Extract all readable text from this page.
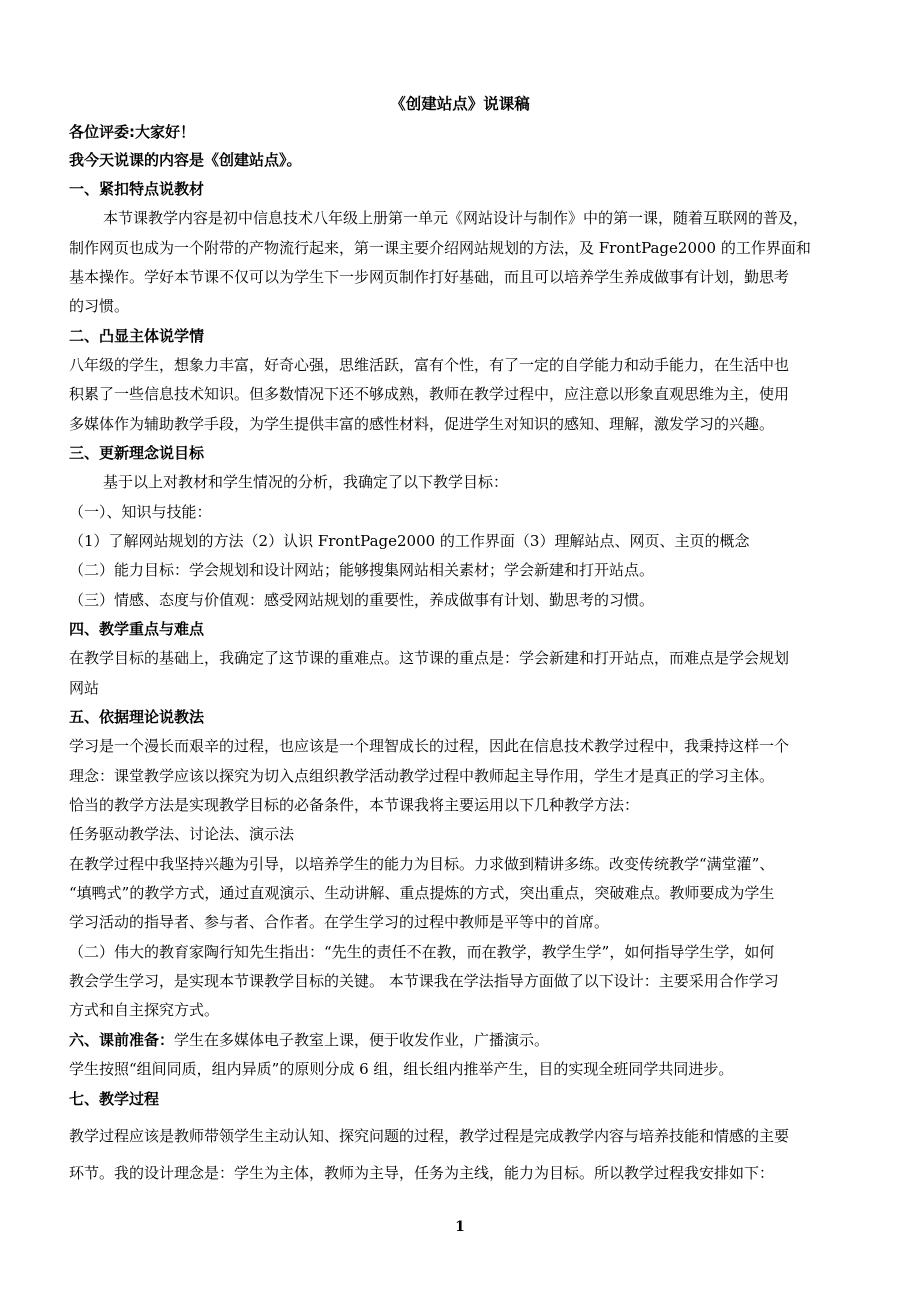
《创建站点》说课稿
各位评委:大家好！
我今天说课的内容是《创建站点》。
一、紧扣特点说教材
本节课教学内容是初中信息技术八年级上册第一单元《网站设计与制作》中的第一课，随着互联网的普及，
制作网页也成为一个附带的产物流行起来，第一课主要介绍网站规划的方法，及 FrontPage2000 的工作界面和
基本操作。学好本节课不仅可以为学生下一步网页制作打好基础，而且可以培养学生养成做事有计划，勤思考
的习惯。
二、凸显主体说学情
八年级的学生，想象力丰富，好奇心强，思维活跃，富有个性，有了一定的自学能力和动手能力，在生活中也
积累了一些信息技术知识。但多数情况下还不够成熟，教师在教学过程中，应注意以形象直观思维为主，使用
多媒体作为辅助教学手段，为学生提供丰富的感性材料，促进学生对知识的感知、理解，激发学习的兴趣。
三、更新理念说目标
基于以上对教材和学生情况的分析，我确定了以下教学目标：
（一）、知识与技能：
（1）了解网站规划的方法（2）认识 FrontPage2000 的工作界面（3）理解站点、网页、主页的概念
（二）能力目标：学会规划和设计网站；能够搜集网站相关素材；学会新建和打开站点。
（三）情感、态度与价值观：感受网站规划的重要性，养成做事有计划、勤思考的习惯。
四、教学重点与难点
在教学目标的基础上，我确定了这节课的重难点。这节课的重点是：学会新建和打开站点，而难点是学会规划
网站
五、依据理论说教法
学习是一个漫长而艰辛的过程，也应该是一个理智成长的过程，因此在信息技术教学过程中，我秉持这样一个
理念：课堂教学应该以探究为切入点组织教学活动教学过程中教师起主导作用，学生才是真正的学习主体。
恰当的教学方法是实现教学目标的必备条件，本节课我将主要运用以下几种教学方法：
任务驱动教学法、讨论法、演示法
在教学过程中我坚持兴趣为引导，以培养学生的能力为目标。力求做到精讲多练。改变传统教学“满堂灌”、
“填鸭式”的教学方式，通过直观演示、生动讲解、重点提炼的方式，突出重点，突破难点。教师要成为学生
学习活动的指导者、参与者、合作者。在学生学习的过程中教师是平等中的首席。
（二）伟大的教育家陶行知先生指出：“先生的责任不在教，而在教学，教学生学”，如何指导学生学，如何
教会学生学习，是实现本节课教学目标的关键。 本节课我在学法指导方面做了以下设计：主要采用合作学习
方式和自主探究方式。
六、课前准备：学生在多媒体电子教室上课，便于收发作业，广播演示。
学生按照“组间同质，组内异质”的原则分成 6 组，组长组内推举产生，目的实现全班同学共同进步。
七、教学过程
教学过程应该是教师带领学生主动认知、探究问题的过程，教学过程是完成教学内容与培养技能和情感的主要
环节。我的设计理念是：学生为主体，教师为主导，任务为主线，能力为目标。所以教学过程我安排如下：
1
